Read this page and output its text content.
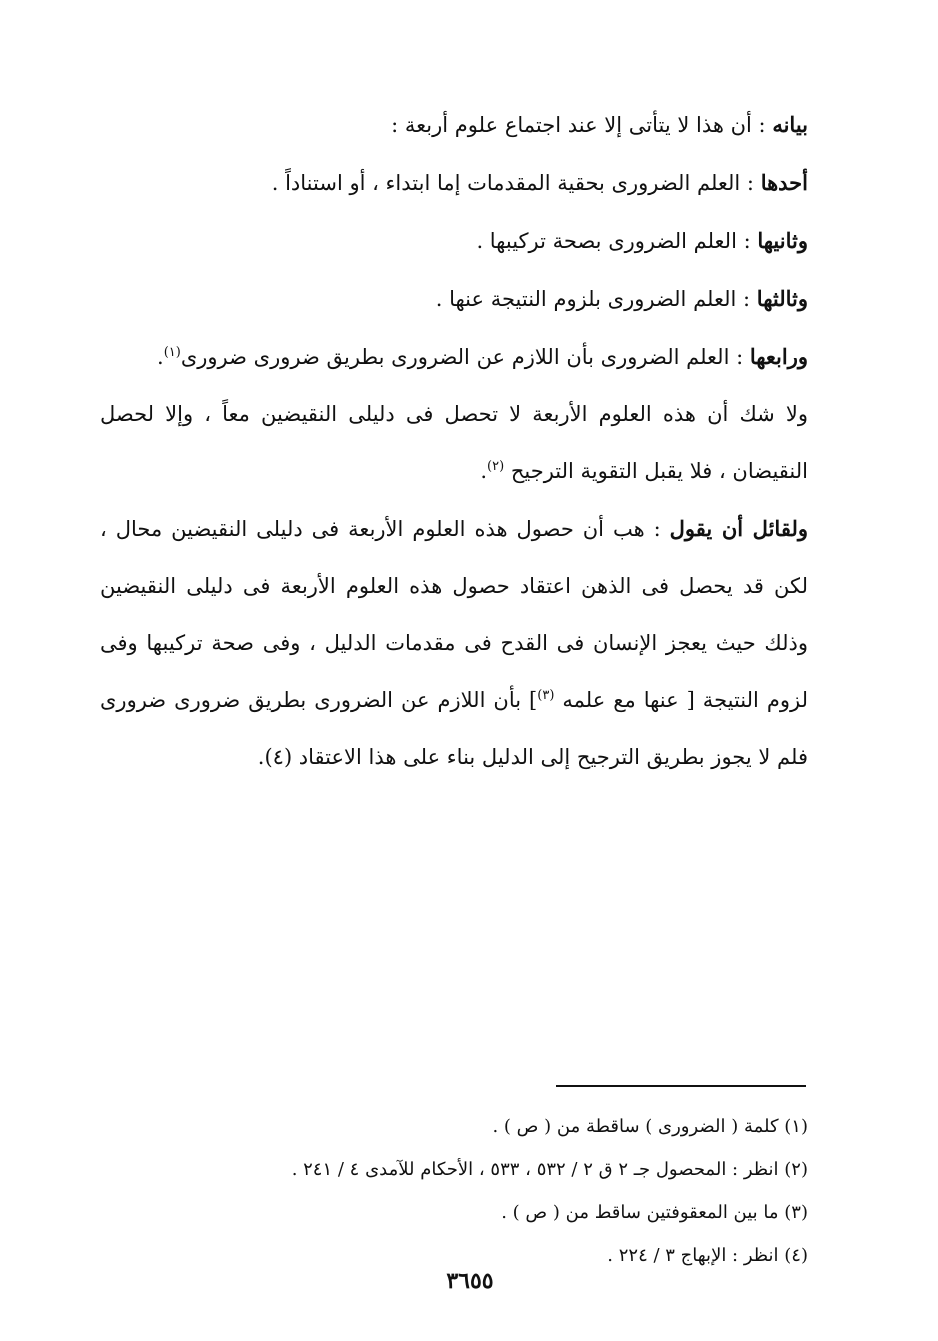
بيانه : أن هذا لا يتأتى إلا عند اجتماع علوم أربعة :

أحدها : العلم الضرورى بحقية المقدمات إما ابتداء ، أو استناداً .

وثانيها : العلم الضرورى بصحة تركيبها .

وثالثها : العلم الضرورى بلزوم النتيجة عنها .

ورابعها : العلم الضرورى بأن اللازم عن الضرورى بطريق ضرورى ضرورى$^{(١)}$.

ولا شك أن هذه العلوم الأربعة لا تحصل فى دليلى النقيضين معاً ، وإلا لحصل النقيضان ، فلا يقبل التقوية الترجيح $^{(٢)}$.

ولقائل أن يقول : هب أن حصول هذه العلوم الأربعة فى دليلى النقيضين محال ، لكن قد يحصل فى الذهن اعتقاد حصول هذه العلوم الأربعة فى دليلى النقيضين وذلك حيث يعجز الإنسان فى القدح فى مقدمات الدليل ، وفى صحة تركيبها وفى لزوم النتيجة [ عنها مع علمه $^{(٣)}$] بأن اللازم عن الضرورى بطريق ضرورى ضرورى فلم لا يجوز بطريق الترجيح إلى الدليل بناء على هذا الاعتقاد (٤).

(١) كلمة ( الضرورى ) ساقطة من ( ص ) .
(٢) انظر : المحصول جـ ٢ ق ٢ / ٥٣٢ ، ٥٣٣ ، الأحكام للآمدى ٤ / ٢٤١ .
(٣) ما بين المعقوفتين ساقط من ( ص ) .
(٤) انظر : الإبهاج ٣ / ٢٢٤ .
٣٦٥٥
